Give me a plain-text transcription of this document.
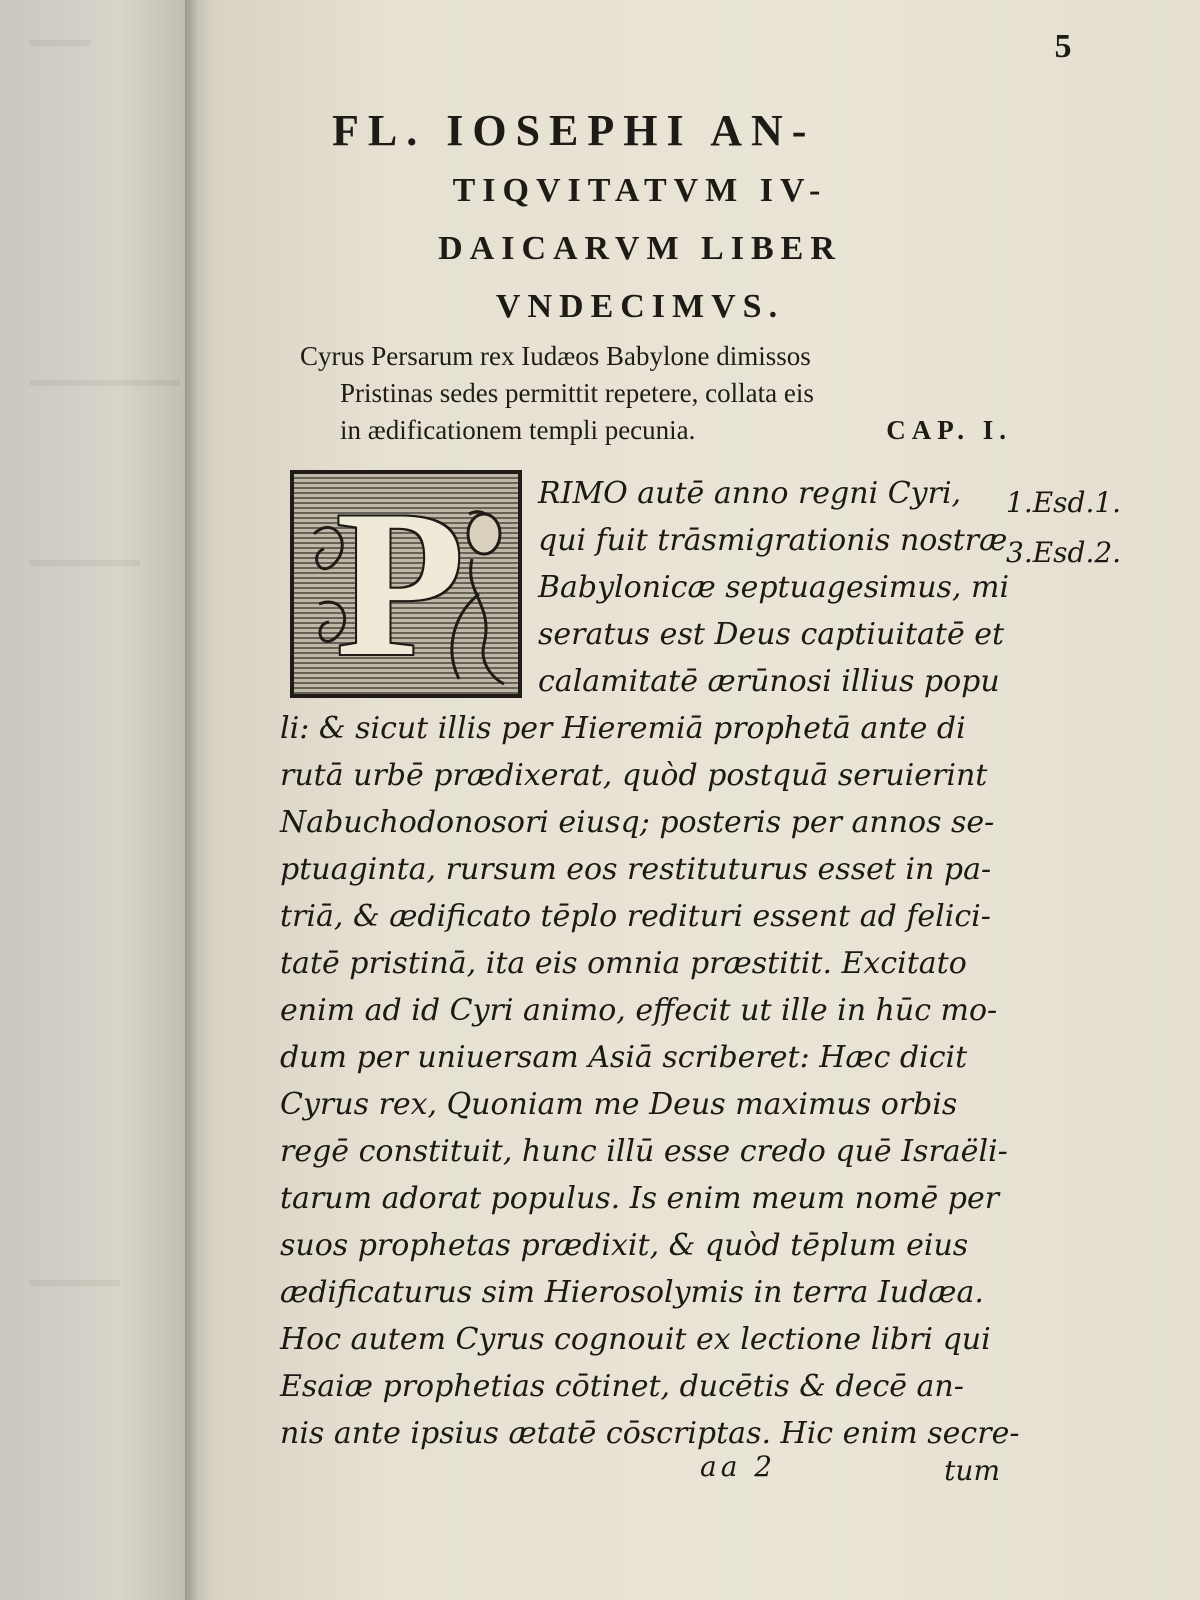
5
FL. IOSEPHI AN-
TIQVITATVM IV-
DAICARVM LIBER
VNDECIMVS.
Cyrus Persarum rex Iudæos Babylone dimissos
Pristinas sedes permittit repetere, collata eis
in ædificationem templi pecunia.	CAP. I.
P	RIMO autē anno regni Cyri,
qui fuit trāsmigrationis nostræ
Babylonicæ septuagesimus, mi
seratus est Deus captiuitatē et
calamitatē ærūnosi illius popu
li: & sicut illis per Hieremiā prophetā ante di
rutā urbē prædixerat, quòd postquā seruierint
Nabuchodonosori eiusq; posteris per annos se-
ptuaginta, rursum eos restituturus esset in pa-
triā, & ædificato tēplo redituri essent ad felici-
tatē pristinā, ita eis omnia præstitit. Excitato
enim ad id Cyri animo, effecit ut ille in hūc mo-
dum per uniuersam Asiā scriberet: Hæc dicit
Cyrus rex, Quoniam me Deus maximus orbis
regē constituit, hunc illū esse credo quē Israëli-
tarum adorat populus. Is enim meum nomē per
suos prophetas prædixit, & quòd tēplum eius
ædificaturus sim Hierosolymis in terra Iudæa.
Hoc autem Cyrus cognouit ex lectione libri qui
Esaiæ prophetias cōtinet, ducētis & decē an-
nis ante ipsius ætatē cōscriptas. Hic enim secre-
1.Esd.1.
3.Esd.2.
aa 2	tum
